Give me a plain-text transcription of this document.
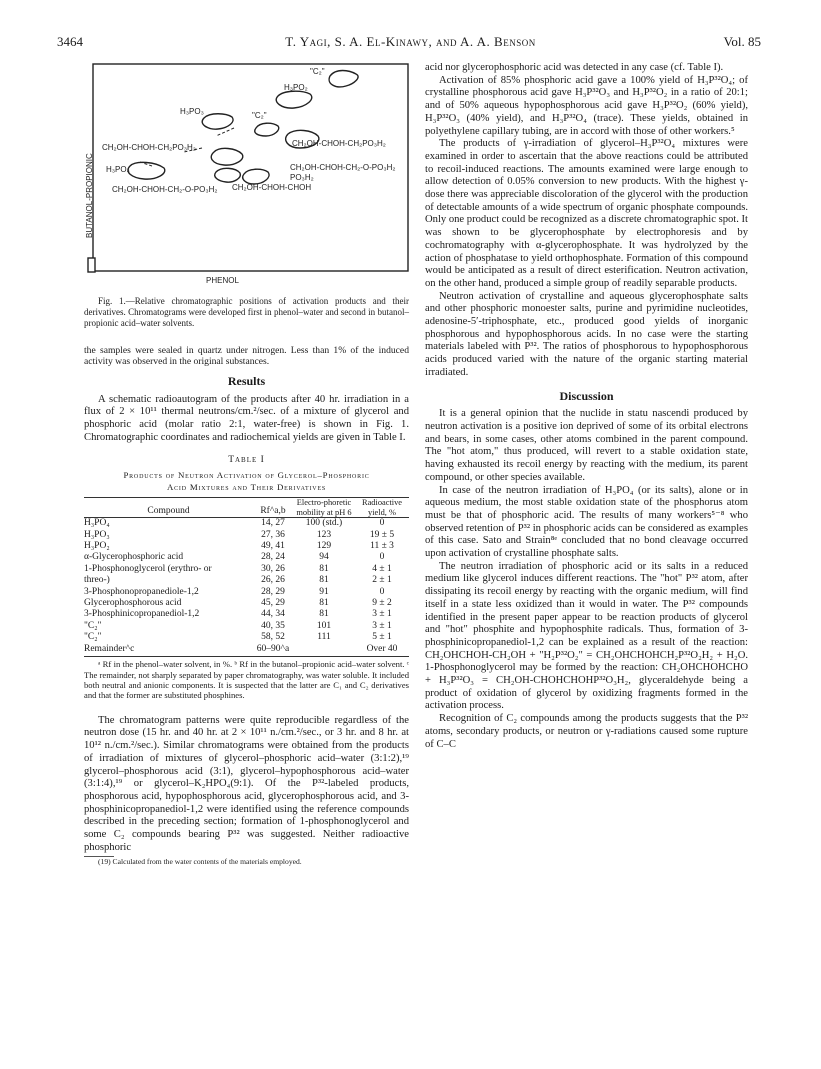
3464	T. Yagi, S. A. El-Kinawy, and A. A. Benson	Vol. 85
"C₂"
H₃PO₂
H₃PO₃	"C₂"
CH₂OH-CHOH-CH₂PO₃H₂
CH₂OH-CHOH-CH₂PO₃H₂
H₃PO₄
CH₂OH-CHOH-CH₂-O-PO₃H₂
CH₂OH-CHOH-CH₂-O-PO₃H₂
CH₂OH-CHOH-CHOH
PO₃H₂
PHENOL
BUTANOL-PROPIONIC

Fig. 1.—Relative chromatographic positions of activation products and their derivatives. Chromatograms were developed first in phenol–water and second in butanol–propionic acid–water solvents.

the samples were sealed in quartz under nitrogen. Less than 1% of the induced activity was observed in the original substances.

Results

A schematic radioautogram of the products after 40 hr. irradiation in a flux of 2 × 10¹¹ thermal neutrons/cm.²/sec. of a mixture of glycerol and phosphoric acid (molar ratio 2:1, water-free) is shown in Fig. 1. Chromatographic coordinates and radiochemical yields are given in Table I.

Table I
Products of Neutron Activation of Glycerol–Phosphoric
Acid Mixtures and Their Derivatives
Compound	Rf^a,b	Electro-phoretic mobility at pH 6	Radioactive yield, %
H₃PO₄	14, 27	100 (std.)	0
H₃PO₃	27, 36	123	19 ± 5
H₃PO₂	49, 41	129	11 ± 3
α-Glycerophosphoric acid	28, 24	94	0
1-Phosphonoglycerol (erythro- or	30, 26	81	4 ± 1
threo-)	26, 26	81	2 ± 1
3-Phosphonopropanediole-1,2	28, 29	91	0
Glycerophosphorous acid	45, 29	81	9 ± 2
3-Phosphinicopropanediol-1,2	44, 34	81	3 ± 1
"C₂"	40, 35	101	3 ± 1
"C₂"	58, 52	111	5 ± 1
Remainder^c	60–90^a		Over 40

ᵃ Rf in the phenol–water solvent, in %. ᵇ Rf in the butanol–propionic acid–water solvent. ᶜ The remainder, not sharply separated by paper chromatography, was water soluble. It included both neutral and anionic components. It is suspected that the latter are C₁ and C₂ derivatives and that the former are substituted phosphines.

The chromatogram patterns were quite reproducible regardless of the neutron dose (15 hr. and 40 hr. at 2 × 10¹¹ n./cm.²/sec., or 3 hr. and 8 hr. at 10¹² n./cm.²/sec.). Similar chromatograms were obtained from the products of irradiation of mixtures of glycerol–phosphoric acid–water (3:1:2),¹⁹ glycerol–phosphorous acid (3:1), glycerol–hypophosphorous acid–water (3:1:4),¹⁹ or glycerol–K₂HPO₄(9:1). Of the P³²-labeled products, phosphorous acid, hypophosphorous acid, glycerophosphorous acid, and 3-phosphinicopropanediol-1,2 were identified using the reference compounds described in the preceding section; formation of 1-phosphonoglycerol and some C₂ compounds bearing P³² was suggested. Neither radioactive phosphoric

(19) Calculated from the water contents of the materials employed.

acid nor glycerophosphoric acid was detected in any case (cf. Table I).

Activation of 85% phosphoric acid gave a 100% yield of H₃P³²O₄; of crystalline phosphorous acid gave H₃P³²O₃ and H₃P³²O₂ in a ratio of 20:1; and of 50% aqueous hypophosphorous acid gave H₃P³²O₂ (60% yield), H₃P³²O₃ (40% yield), and H₃P³²O₄ (trace). These yields, obtained in polyethylene capillary tubing, are in accord with those of other workers.⁵

The products of γ-irradiation of glycerol–H₃P³²O₄ mixtures were examined in order to ascertain that the above reactions could be attributed to recoil-induced reactions. The amounts examined were large enough to allow detection of 0.05% conversion to new products. With the highest γ-dose there was appreciable discoloration of the glycerol with the production of detectable amounts of a wide spectrum of organic phosphate compounds. Only one product could be recognized as a discrete chromatographic spot. It was shown to be glycerophosphate by electrophoresis and by cochromatography with α-glycerophosphate. It was hydrolyzed by the action of phosphatase to yield orthophosphate. Formation of this compound would be anticipated as a result of direct esterification. Neutron activation, on the other hand, produced a simple group of readily separable products.

Neutron activation of crystalline and aqueous glycerophosphate salts and other phosphoric monoester salts, purine and pyrimidine nucleotides, adenosine-5′-triphosphate, etc., produced good yields of inorganic phosphorous and hypophosphorous acids. In no case were the starting materials labeled with P³². The ratios of phosphorous to hypophosphorous acids produced varied with the nature of the organic starting material irradiated.

Discussion

It is a general opinion that the nuclide in statu nascendi produced by neutron activation is a positive ion deprived of some of its orbital electrons and bears, in some cases, other atoms combined in the parent compound. The "hot atom," thus produced, will revert to a stable oxidation state, having exhausted its recoil energy by reacting with the medium, its parent compound, or other species available.

In case of the neutron irradiation of H₃PO₄ (or its salts), alone or in aqueous medium, the most stable oxidation state of the phosphorus atom must be that of phosphoric acid. The results of many workers⁵⁻⁸ who observed retention of P³² in phosphoric acids can be considered as examples of this case. Sato and Strain⁸ᵉ concluded that no bond cleavage occurred upon activation of crystalline phosphate salts.

The neutron irradiation of phosphoric acid or its salts in a reduced medium like glycerol induces different reactions. The "hot" P³² atom, after dissipating its recoil energy by reacting with the organic medium, will find itself in a state less oxidized than it would in water. The P³² compounds identified in the present paper appear to be reaction products of glycerol and "hot" phosphite and hypophosphite radicals. Thus, formation of 3-phosphinicopropanediol-1,2 can be explained as a result of the reaction: CH₂OHCHOH-CH₂OH + "H₂P³²O₂" = CH₂OHCHOHCH₂P³²O₂H₂ + H₂O. 1-Phosphonoglycerol may be formed by the reaction: CH₂OHCHOHCHO + H₃P³²O₃ = CH₂OH-CHOHCHOHP³²O₃H₂, glyceraldehyde being a product of oxidation of glycerol by oxidizing fragments formed in the activation process.

Recognition of C₂ compounds among the products suggests that the P³² atoms, secondary products, or neutron or γ-radiations caused some rupture of C–C
